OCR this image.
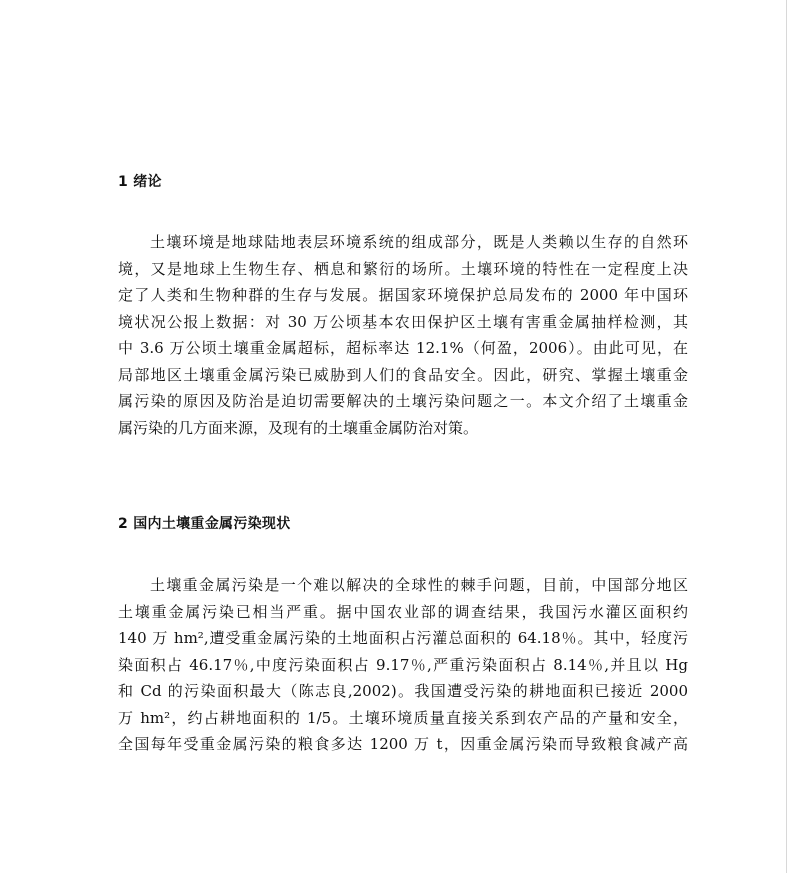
1 绪论
土壤环境是地球陆地表层环境系统的组成部分，既是人类赖以生存的自然环
境，又是地球上生物生存、栖息和繁衍的场所。土壤环境的特性在一定程度上决
定了人类和生物种群的生存与发展。据国家环境保护总局发布的 2000 年中国环
境状况公报上数据：对 30 万公顷基本农田保护区土壤有害重金属抽样检测，其
中 3.6 万公顷土壤重金属超标，超标率达 12.1%（何盈，2006）。由此可见，在
局部地区土壤重金属污染已威胁到人们的食品安全。因此，研究、掌握土壤重金
属污染的原因及防治是迫切需要解决的土壤污染问题之一。本文介绍了土壤重金
属污染的几方面来源，及现有的土壤重金属防治对策。
2 国内土壤重金属污染现状
土壤重金属污染是一个难以解决的全球性的棘手问题，目前，中国部分地区
土壤重金属污染已相当严重。据中国农业部的调查结果，我国污水灌区面积约
140 万 hm²,遭受重金属污染的土地面积占污灌总面积的 64.18％。其中，轻度污
染面积占 46.17％,中度污染面积占 9.17％,严重污染面积占 8.14％,并且以 Hg
和 Cd 的污染面积最大（陈志良,2002)。我国遭受污染的耕地面积已接近 2000
万 hm²，约占耕地面积的 1/5。土壤环境质量直接关系到农产品的产量和安全，
全国每年受重金属污染的粮食多达 1200 万 t，因重金属污染而导致粮食减产高
